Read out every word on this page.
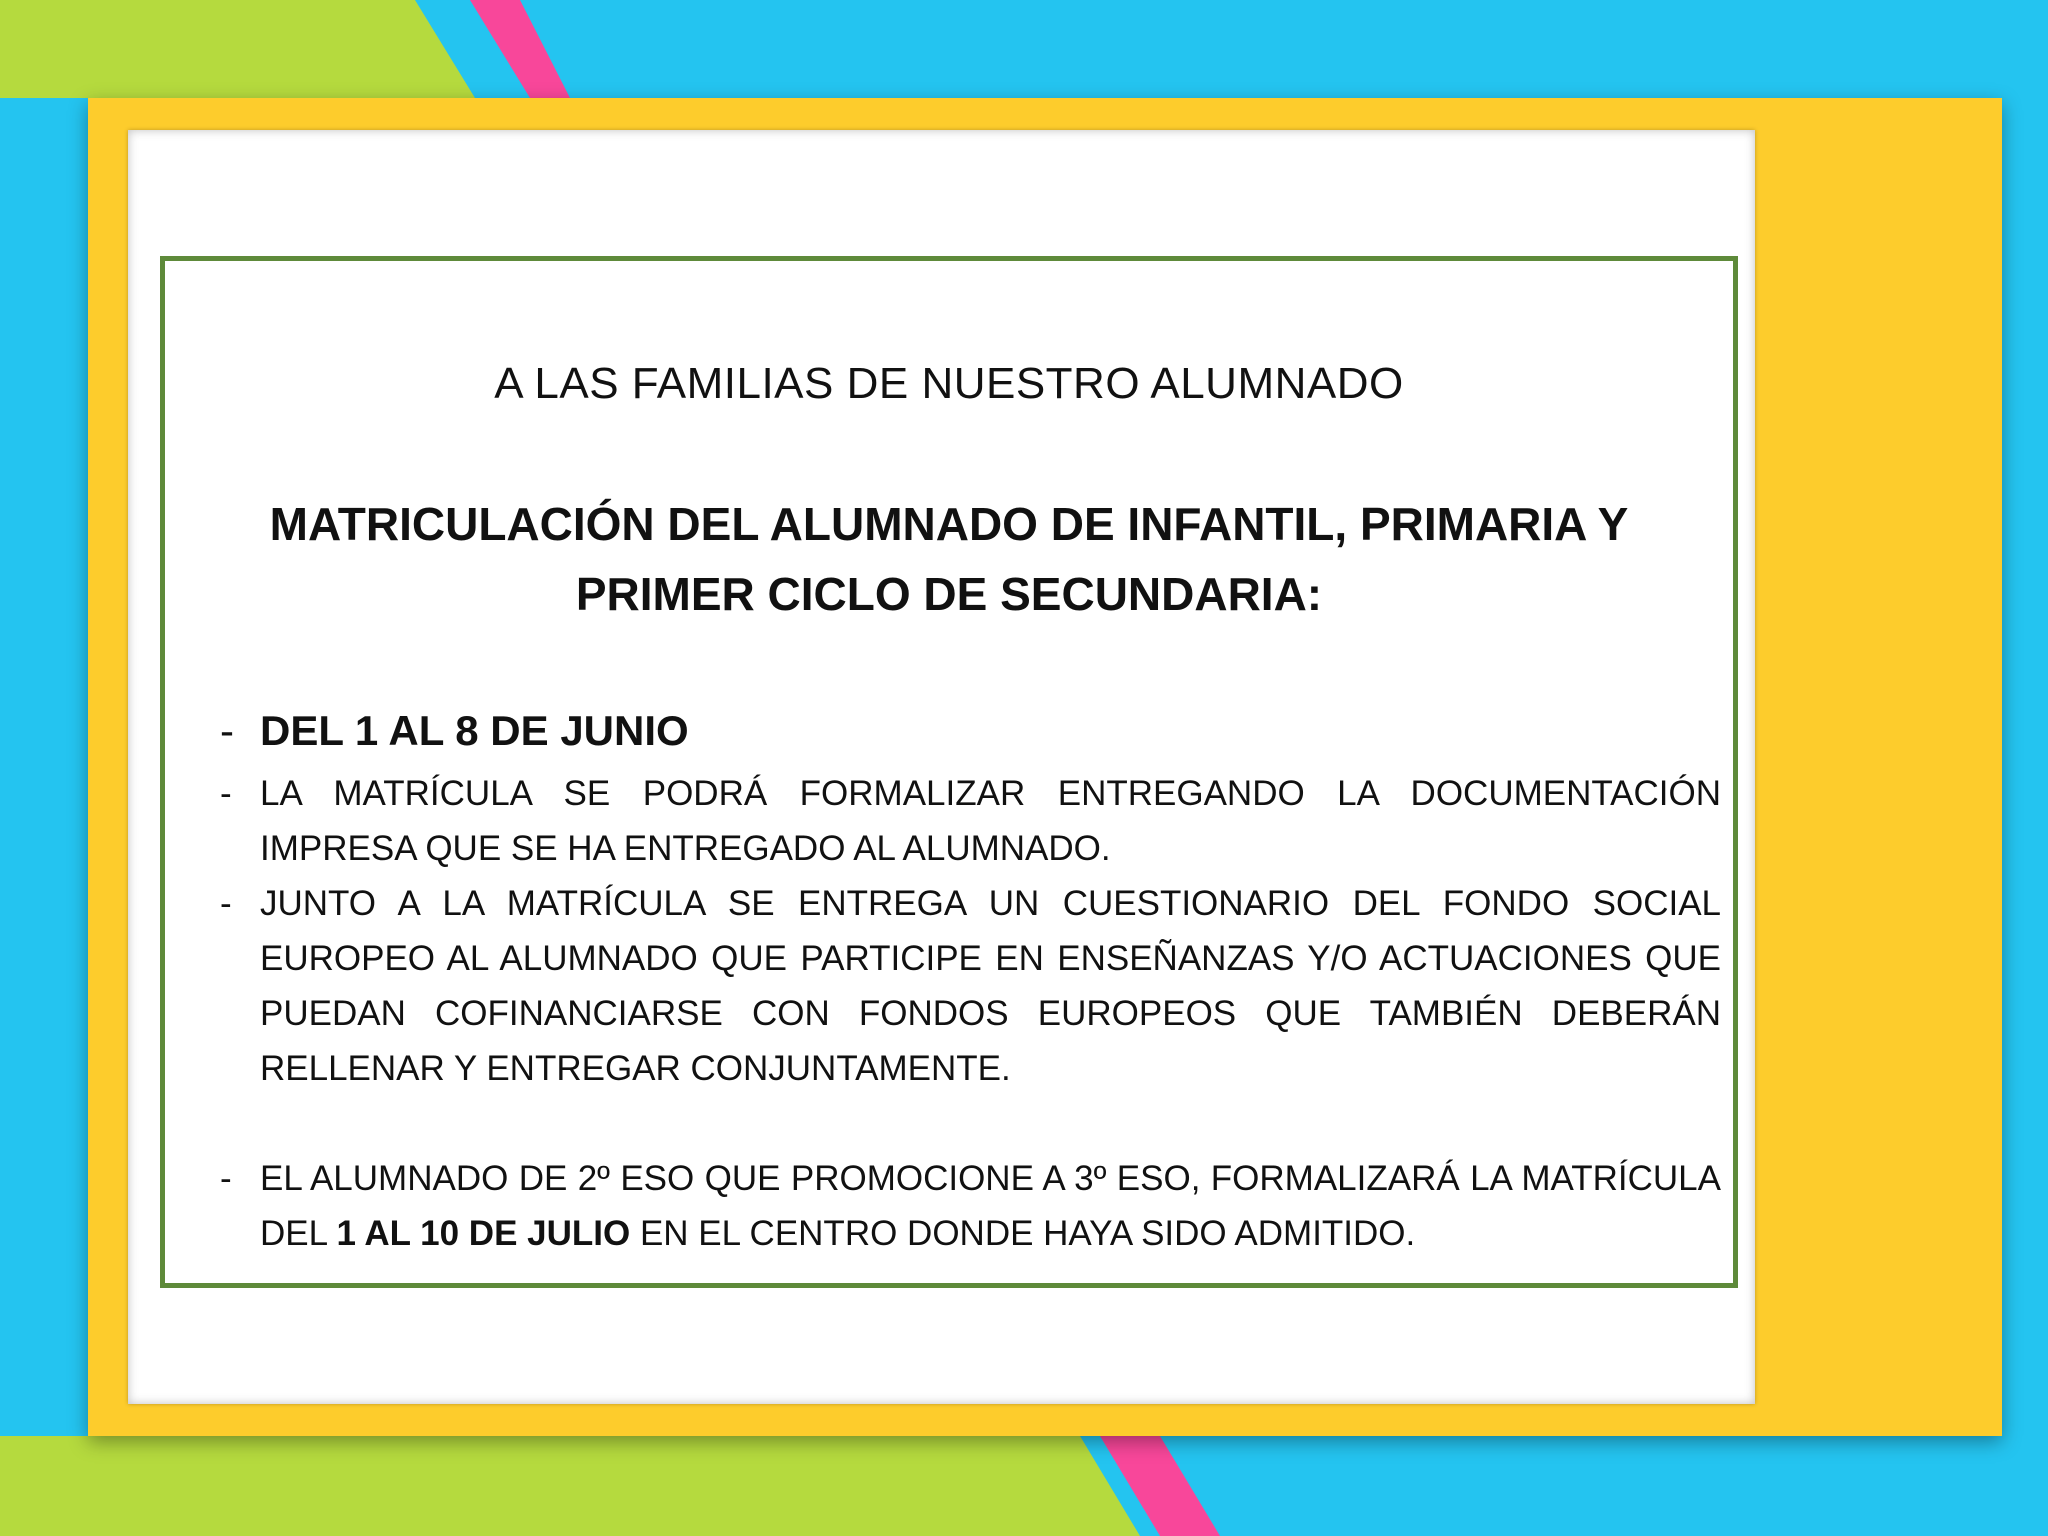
A LAS FAMILIAS DE NUESTRO ALUMNADO
MATRICULACIÓN DEL ALUMNADO DE INFANTIL, PRIMARIA Y PRIMER CICLO DE SECUNDARIA:
- DEL 1 AL 8 DE JUNIO
- LA MATRÍCULA SE PODRÁ FORMALIZAR ENTREGANDO LA DOCUMENTACIÓN IMPRESA QUE SE HA ENTREGADO AL ALUMNADO.
- JUNTO A LA MATRÍCULA SE ENTREGA UN CUESTIONARIO DEL FONDO SOCIAL EUROPEO AL ALUMNADO QUE PARTICIPE EN ENSEÑANZAS Y/O ACTUACIONES QUE PUEDAN COFINANCIARSE CON FONDOS EUROPEOS QUE TAMBIÉN DEBERÁN RELLENAR Y ENTREGAR CONJUNTAMENTE.
- EL ALUMNADO DE 2º ESO QUE PROMOCIONE A 3º ESO, FORMALIZARÁ LA MATRÍCULA DEL 1 AL 10 DE JULIO EN EL CENTRO DONDE HAYA SIDO ADMITIDO.
